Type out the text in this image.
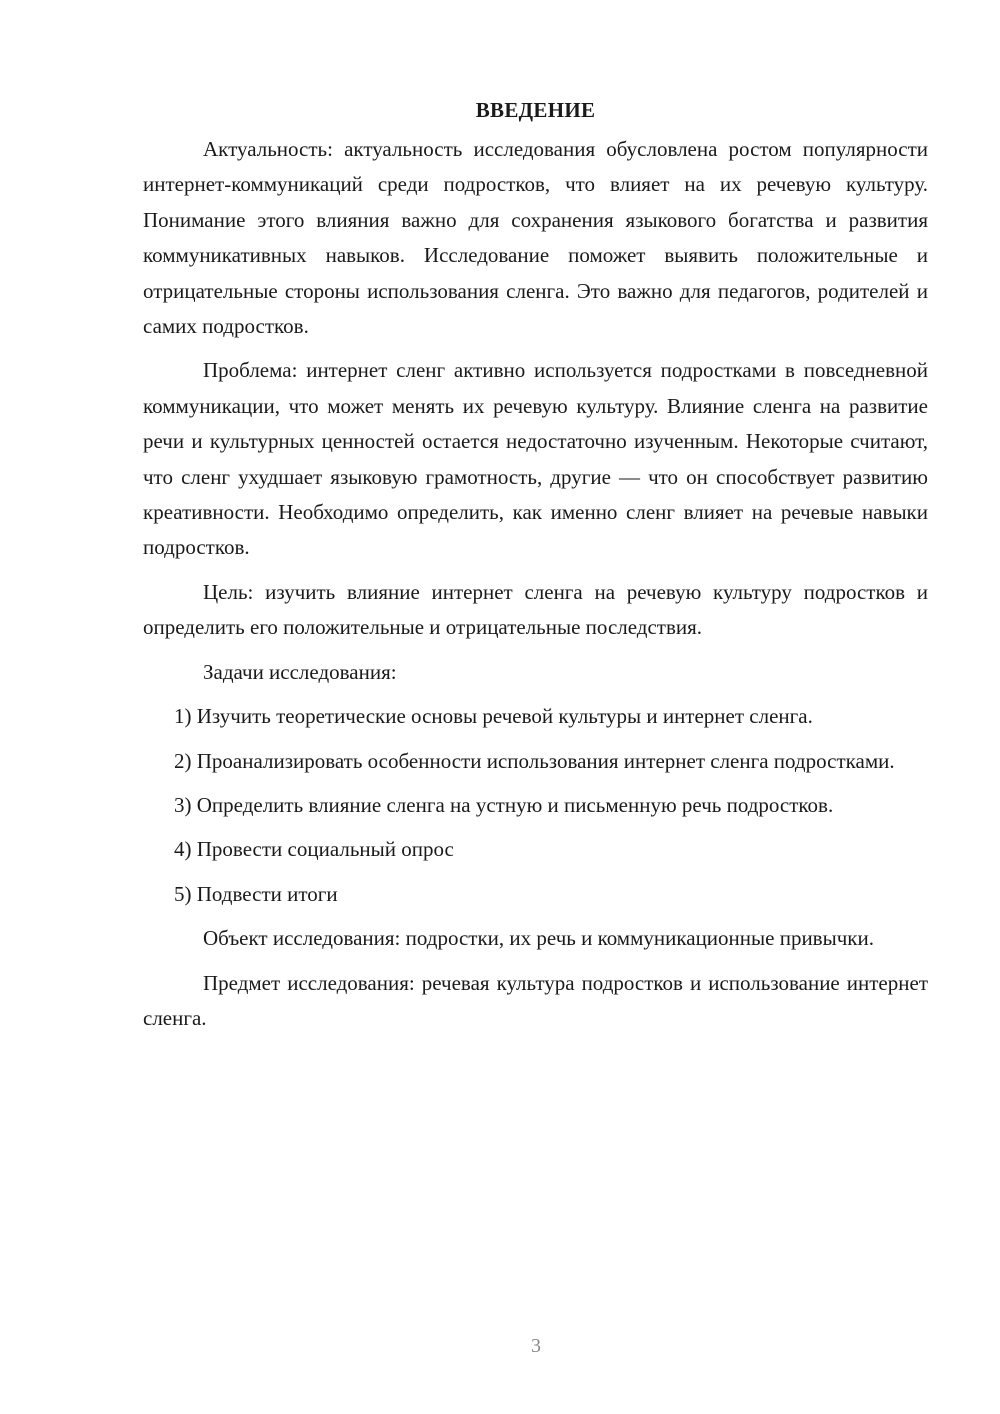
ВВЕДЕНИЕ

Актуальность: актуальность исследования обусловлена ростом популярности интернет-коммуникаций среди подростков, что влияет на их речевую культуру. Понимание этого влияния важно для сохранения языкового богатства и развития коммуникативных навыков. Исследование поможет выявить положительные и отрицательные стороны использования сленга. Это важно для педагогов, родителей и самих подростков.

Проблема: интернет сленг активно используется подростками в повседневной коммуникации, что может менять их речевую культуру. Влияние сленга на развитие речи и культурных ценностей остается недостаточно изученным. Некоторые считают, что сленг ухудшает языковую грамотность, другие — что он способствует развитию креативности. Необходимо определить, как именно сленг влияет на речевые навыки подростков.

Цель: изучить влияние интернет сленга на речевую культуру подростков и определить его положительные и отрицательные последствия.

Задачи исследования:

1) Изучить теоретические основы речевой культуры и интернет сленга.

2) Проанализировать особенности использования интернет сленга подростками.

3) Определить влияние сленга на устную и письменную речь подростков.

4) Провести социальный опрос

5) Подвести итоги

Объект исследования: подростки, их речь и коммуникационные привычки.

Предмет исследования: речевая культура подростков и использование интернет сленга.

3
